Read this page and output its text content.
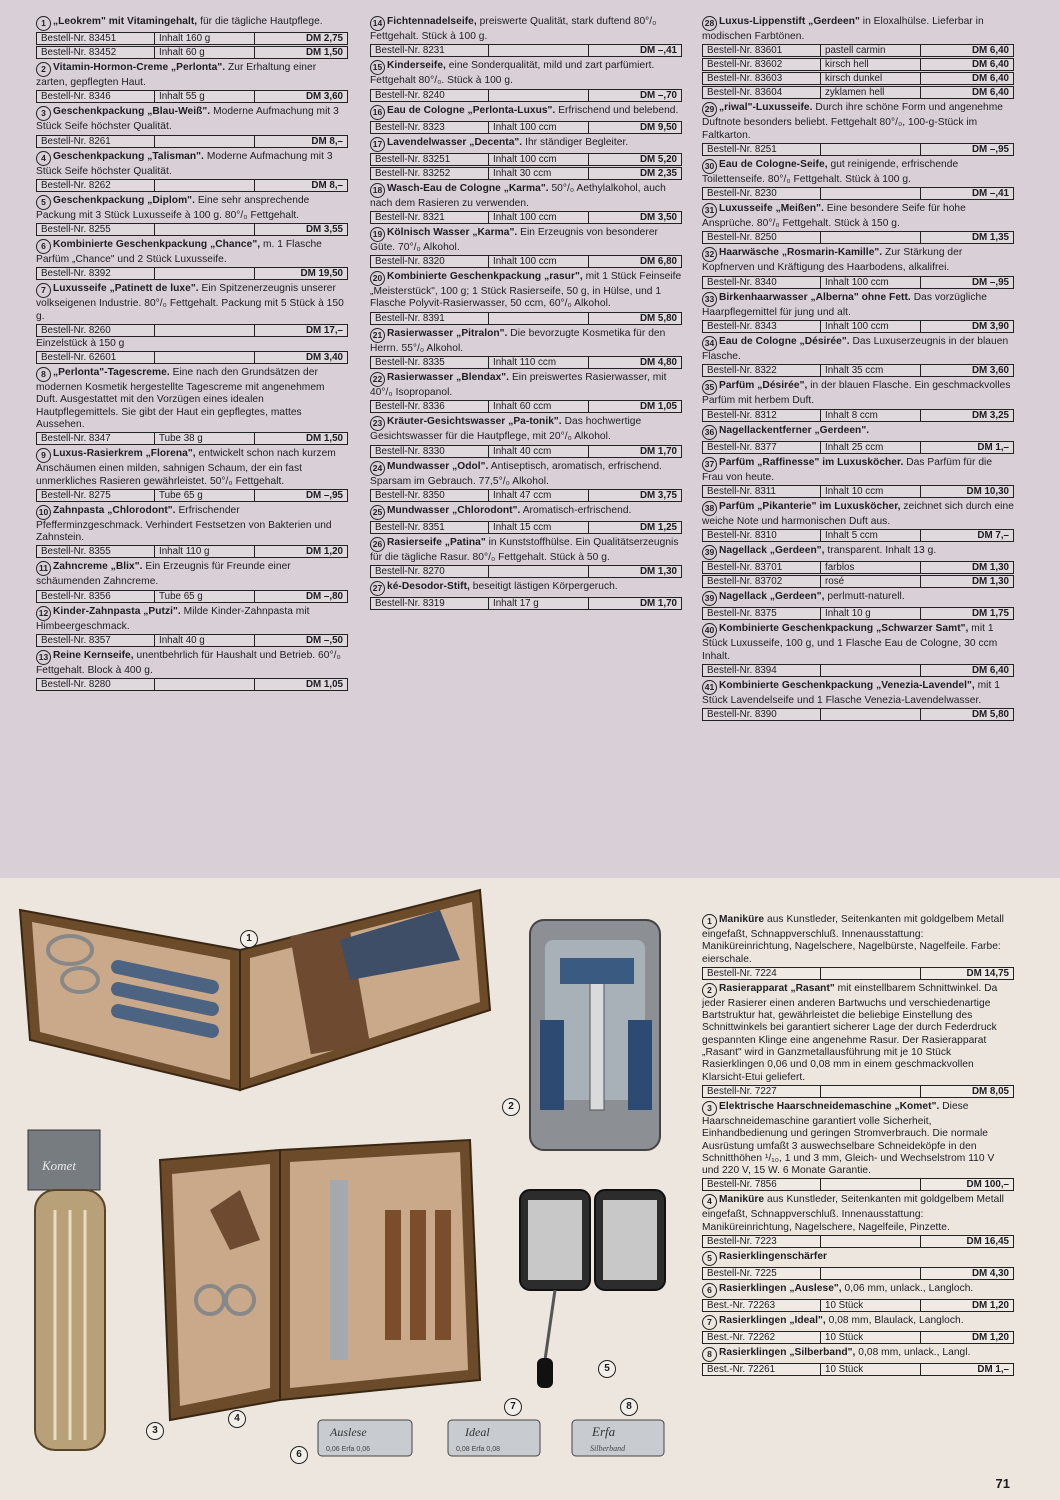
1 „Leokrem" mit Vitamingehalt, für die tägliche Hautpflege.
Bestell-Nr. 83451	Inhalt 160 g	DM 2,75
Bestell-Nr. 83452	Inhalt 60 g	DM 1,50
2 Vitamin-Hormon-Creme „Perlonta". Zur Erhaltung einer zarten, gepflegten Haut.
Bestell-Nr. 8346	Inhalt 55 g	DM 3,60
3 Geschenkpackung „Blau-Weiß". Moderne Aufmachung mit 3 Stück Seife höchster Qualität.
Bestell-Nr. 8261	DM 8,–
4 Geschenkpackung „Talisman". Moderne Aufmachung mit 3 Stück Seife höchster Qualität.
Bestell-Nr. 8262	DM 8,–
5 Geschenkpackung „Diplom". Eine sehr ansprechende Packung mit 3 Stück Luxusseife à 100 g. 80°/₀ Fettgehalt.
Bestell-Nr. 8255	DM 3,55
6 Kombinierte Geschenkpackung „Chance", m. 1 Flasche Parfüm „Chance" und 2 Stück Luxusseife.
Bestell-Nr. 8392	DM 19,50
7 Luxusseife „Patinett de luxe". Ein Spitzenerzeugnis unserer volkseigenen Industrie. 80°/₀ Fettgehalt. Packung mit 5 Stück à 150 g.
Bestell-Nr. 8260	DM 17,–
Einzelstück à 150 g
Bestell-Nr. 62601	DM 3,40
8 „Perlonta"-Tagescreme. Eine nach den Grundsätzen der modernen Kosmetik hergestellte Tagescreme mit angenehmem Duft. Ausgestattet mit den Vorzügen eines idealen Hautpflegemittels. Sie gibt der Haut ein gepflegtes, mattes Aussehen.
Bestell-Nr. 8347	Tube 38 g	DM 1,50
9 Luxus-Rasierkrem „Florena", entwickelt schon nach kurzem Anschäumen einen milden, sahnigen Schaum, der ein fast unmerkliches Rasieren gewährleistet. 50°/₀ Fettgehalt.
Bestell-Nr. 8275	Tube 65 g	DM –,95
10 Zahnpasta „Chlorodont". Erfrischender Pfefferminzgeschmack. Verhindert Festsetzen von Bakterien und Zahnstein.
Bestell-Nr. 8355	Inhalt 110 g	DM 1,20
11 Zahncreme „Blix". Ein Erzeugnis für Freunde einer schäumenden Zahncreme.
Bestell-Nr. 8356	Tube 65 g	DM –,80
12 Kinder-Zahnpasta „Putzi". Milde Kinder-Zahnpasta mit Himbeergeschmack.
Bestell-Nr. 8357	Inhalt 40 g	DM –,50
13 Reine Kernseife, unentbehrlich für Haushalt und Betrieb. 60°/₀ Fettgehalt. Block à 400 g.
Bestell-Nr. 8280	DM 1,05
14 Fichtennadelseife, preiswerte Qualität, stark duftend 80°/₀ Fettgehalt. Stück à 100 g.
Bestell-Nr. 8231	DM –,41
15 Kinderseife, eine Sonderqualität, mild und zart parfümiert. Fettgehalt 80°/₀. Stück à 100 g.
Bestell-Nr. 8240	DM –,70
16 Eau de Cologne „Perlonta-Luxus". Erfrischend und belebend.
Bestell-Nr. 8323	Inhalt 100 ccm	DM 9,50
17 Lavendelwasser „Decenta". Ihr ständiger Begleiter.
Bestell-Nr. 83251	Inhalt 100 ccm	DM 5,20
Bestell-Nr. 83252	Inhalt 30 ccm	DM 2,35
18 Wasch-Eau de Cologne „Karma". 50°/₀ Aethylalkohol, auch nach dem Rasieren zu verwenden.
Bestell-Nr. 8321	Inhalt 100 ccm	DM 3,50
19 Kölnisch Wasser „Karma". Ein Erzeugnis von besonderer Güte. 70°/₀ Alkohol.
Bestell-Nr. 8320	Inhalt 100 ccm	DM 6,80
20 Kombinierte Geschenkpackung „rasur", mit 1 Stück Feinseife „Meisterstück", 100 g; 1 Stück Rasierseife, 50 g, in Hülse, und 1 Flasche Polyvit-Rasierwasser, 50 ccm, 60°/₀ Alkohol.
Bestell-Nr. 8391	DM 5,80
21 Rasierwasser „Pitralon". Die bevorzugte Kosmetika für den Herrn. 55°/₀ Alkohol.
Bestell-Nr. 8335	Inhalt 110 ccm	DM 4,80
22 Rasierwasser „Blendax". Ein preiswertes Rasierwasser, mit 40°/₀ Isopropanol.
Bestell-Nr. 8336	Inhalt 60 ccm	DM 1,05
23 Kräuter-Gesichtswasser „Pa-tonik". Das hochwertige Gesichtswasser für die Hautpflege, mit 20°/₀ Alkohol.
Bestell-Nr. 8330	Inhalt 40 ccm	DM 1,70
24 Mundwasser „Odol". Antiseptisch, aromatisch, erfrischend. Sparsam im Gebrauch. 77,5°/₀ Alkohol.
Bestell-Nr. 8350	Inhalt 47 ccm	DM 3,75
25 Mundwasser „Chlorodont". Aromatisch-erfrischend.
Bestell-Nr. 8351	Inhalt 15 ccm	DM 1,25
26 Rasierseife „Patina" in Kunststoffhülse. Ein Qualitätserzeugnis für die tägliche Rasur. 80°/₀ Fettgehalt. Stück à 50 g.
Bestell-Nr. 8270	DM 1,30
27 ké-Desodor-Stift, beseitigt lästigen Körpergeruch.
Bestell-Nr. 8319	Inhalt 17 g	DM 1,70
28 Luxus-Lippenstift „Gerdeen" in Eloxalhülse. Lieferbar in modischen Farbtönen.
Bestell-Nr. 83601	pastell carmin	DM 6,40
Bestell-Nr. 83602	kirsch hell	DM 6,40
Bestell-Nr. 83603	kirsch dunkel	DM 6,40
Bestell-Nr. 83604	zyklamen hell	DM 6,40
29 „riwal"-Luxusseife. Durch ihre schöne Form und angenehme Duftnote besonders beliebt. Fettgehalt 80°/₀, 100-g-Stück im Faltkarton.
Bestell-Nr. 8251	DM –,95
30 Eau de Cologne-Seife, gut reinigende, erfrischende Toilettenseife. 80°/₀ Fettgehalt. Stück à 100 g.
Bestell-Nr. 8230	DM –,41
31 Luxusseife „Meißen". Eine besondere Seife für hohe Ansprüche. 80°/₀ Fettgehalt. Stück à 150 g.
Bestell-Nr. 8250	DM 1,35
32 Haarwäsche „Rosmarin-Kamille". Zur Stärkung der Kopfnerven und Kräftigung des Haarbodens, alkalifrei.
Bestell-Nr. 8340	Inhalt 100 ccm	DM –,95
33 Birkenhaarwasser „Alberna" ohne Fett. Das vorzügliche Haarpflegemittel für jung und alt.
Bestell-Nr. 8343	Inhalt 100 ccm	DM 3,90
34 Eau de Cologne „Désirée". Das Luxuserzeugnis in der blauen Flasche.
Bestell-Nr. 8322	Inhalt 35 ccm	DM 3,60
35 Parfüm „Désirée", in der blauen Flasche. Ein geschmackvolles Parfüm mit herbem Duft.
Bestell-Nr. 8312	Inhalt 8 ccm	DM 3,25
36 Nagellackentferner „Gerdeen".
Bestell-Nr. 8377	Inhalt 25 ccm	DM 1,–
37 Parfüm „Raffinesse" im Luxusköcher. Das Parfüm für die Frau von heute.
Bestell-Nr. 8311	Inhalt 10 ccm	DM 10,30
38 Parfüm „Pikanterie" im Luxusköcher, zeichnet sich durch eine weiche Note und harmonischen Duft aus.
Bestell-Nr. 8310	Inhalt 5 ccm	DM 7,–
39 Nagellack „Gerdeen", transparent. Inhalt 13 g.
Bestell-Nr. 83701	farblos	DM 1,30
Bestell-Nr. 83702	rosé	DM 1,30
39 Nagellack „Gerdeen", perlmutt-naturell.
Bestell-Nr. 8375	Inhalt 10 g	DM 1,75
40 Kombinierte Geschenkpackung „Schwarzer Samt", mit 1 Stück Luxusseife, 100 g, und 1 Flasche Eau de Cologne, 30 ccm Inhalt.
Bestell-Nr. 8394	DM 6,40
41 Kombinierte Geschenkpackung „Venezia-Lavendel", mit 1 Stück Lavendelseife und 1 Flasche Venezia-Lavendelwasser.
Bestell-Nr. 8390	DM 5,80
1 Maniküre aus Kunstleder, Seitenkanten mit goldgelbem Metall eingefaßt, Schnappverschluß. Innenausstattung: Maniküreinrichtung, Nagelschere, Nagelbürste, Nagelfeile. Farbe: eierschale.
Bestell-Nr. 7224	DM 14,75
2 Rasierapparat „Rasant" mit einstellbarem Schnittwinkel. Da jeder Rasierer einen anderen Bartwuchs und verschiedenartige Bartstruktur hat, gewährleistet die beliebige Einstellung des Schnittwinkels bei garantiert sicherer Lage der durch Federdruck gespannten Klinge eine angenehme Rasur. Der Rasierapparat „Rasant" wird in Ganzmetallausführung mit je 10 Stück Rasierklingen 0,06 und 0,08 mm in einem geschmackvollen Klarsicht-Etui geliefert.
Bestell-Nr. 7227	DM 8,05
3 Elektrische Haarschneidemaschine „Komet". Diese Haarschneidemaschine garantiert volle Sicherheit, Einhandbedienung und geringen Stromverbrauch. Die normale Ausrüstung umfaßt 3 auswechselbare Schneideköpfe in den Schnitthöhen ¹/₁₀, 1 und 3 mm, Gleich- und Wechselstrom 110 V und 220 V, 15 W. 6 Monate Garantie.
Bestell-Nr. 7856	DM 100,–
4 Maniküre aus Kunstleder, Seitenkanten mit goldgelbem Metall eingefaßt, Schnappverschluß. Innenausstattung: Maniküreinrichtung, Nagelschere, Nagelfeile, Pinzette.
Bestell-Nr. 7223	DM 16,45
5 Rasierklingenschärfer
Bestell-Nr. 7225	DM 4,30
6 Rasierklingen „Auslese", 0,06 mm, unlack., Langloch.
Best.-Nr. 72263	10 Stück	DM 1,20
7 Rasierklingen „Ideal", 0,08 mm, Blaulack, Langloch.
Best.-Nr. 72262	10 Stück	DM 1,20
8 Rasierklingen „Silberband", 0,08 mm, unlack., Langl.
Best.-Nr. 72261	10 Stück	DM 1,–
Komet
Auslese
0,06 Erfa 0,06
Ideal
0,08 Erfa 0,08
Erfa
Silberband
1
2
3
4
5
6
7	8
71
